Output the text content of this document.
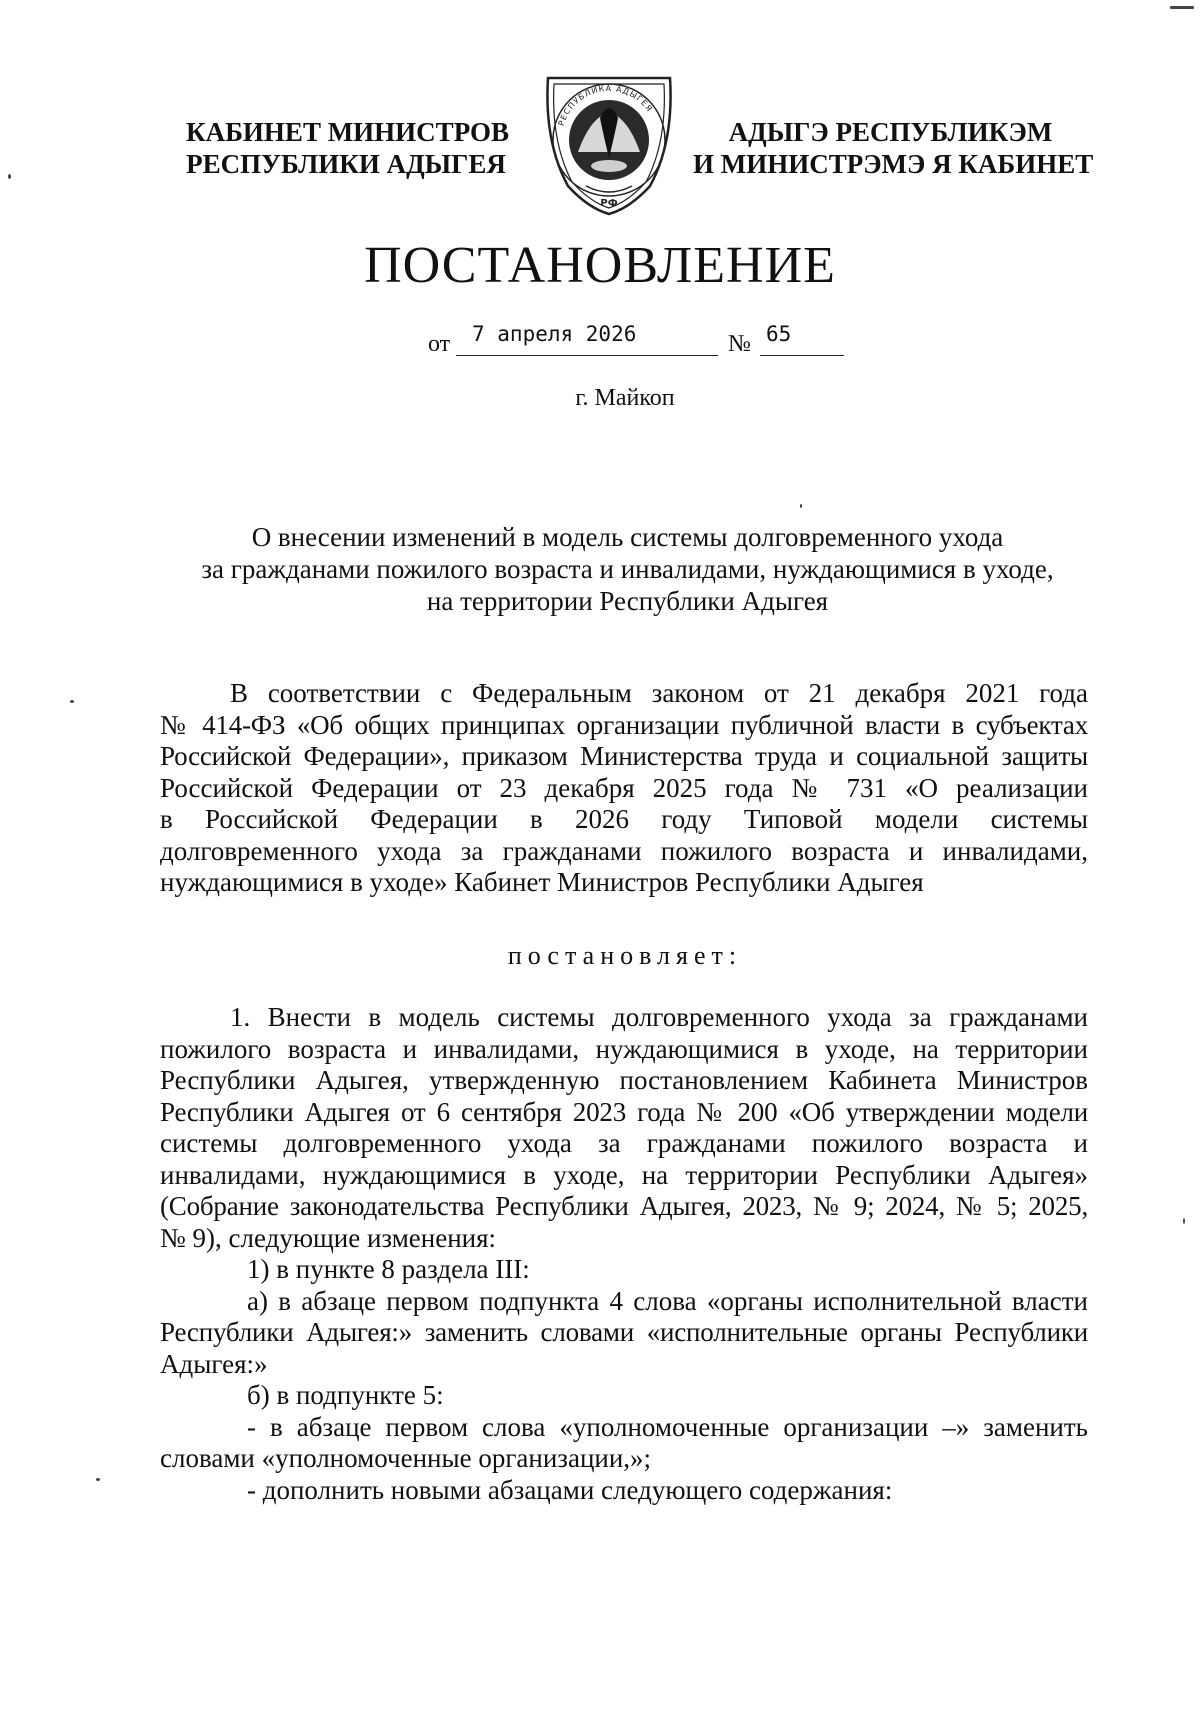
КАБИНЕТ МИНИСТРОВ
РЕСПУБЛИКИ АДЫГЕЯ
РЕСПУБЛИКА АДЫГЕЯ
РФ
АДЫГЭ РЕСПУБЛИКЭМ
И МИНИСТРЭМЭ Я КАБИНЕТ
ПОСТАНОВЛЕНИЕ
от 7 апреля 2026	№ 65
г. Майкоп
О внесении изменений в модель системы долговременного ухода
за гражданами пожилого возраста и инвалидами, нуждающимися в уходе,
на территории Республики Адыгея
В соответствии с Федеральным законом от 21 декабря 2021 года
№ 414-ФЗ «Об общих принципах организации публичной власти в субъектах
Российской Федерации», приказом Министерства труда и социальной защиты
Российской Федерации от 23 декабря 2025 года № 731 «О реализации
в Российской Федерации в 2026 году Типовой модели системы
долговременного ухода за гражданами пожилого возраста и инвалидами,
нуждающимися в уходе» Кабинет Министров Республики Адыгея
постановляет:
1. Внести в модель системы долговременного ухода за гражданами
пожилого возраста и инвалидами, нуждающимися в уходе, на территории
Республики Адыгея, утвержденную постановлением Кабинета Министров
Республики Адыгея от 6 сентября 2023 года № 200 «Об утверждении модели
системы долговременного ухода за гражданами пожилого возраста и
инвалидами, нуждающимися в уходе, на территории Республики Адыгея»
(Собрание законодательства Республики Адыгея, 2023, № 9; 2024, № 5; 2025,
№ 9), следующие изменения:
1) в пункте 8 раздела III:
а) в абзаце первом подпункта 4 слова «органы исполнительной власти
Республики Адыгея:» заменить словами «исполнительные органы Республики
Адыгея:»
б) в подпункте 5:
- в абзаце первом слова «уполномоченные организации –» заменить
словами «уполномоченные организации,»;
- дополнить новыми абзацами следующего содержания:
